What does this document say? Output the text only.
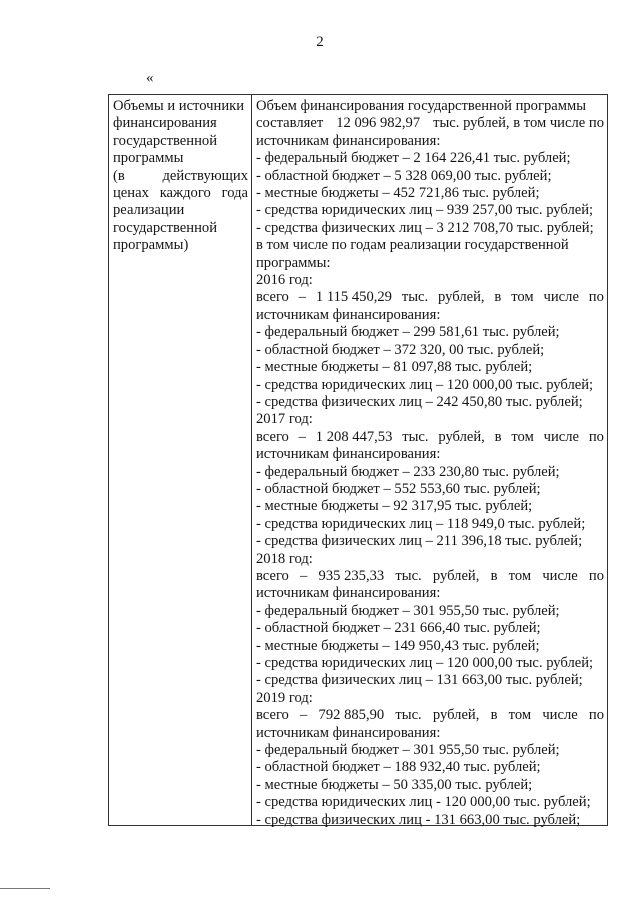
2
«
Объемы и источники
финансирования
государственной
программы
(в	действующих
ценах каждого года
реализации
государственной
программы)
Объем финансирования государственной программы
составляет 12 096 982,97 тыс. рублей, в том числе по
источникам финансирования:
- федеральный бюджет – 2 164 226,41 тыс. рублей;
- областной бюджет – 5 328 069,00 тыс. рублей;
- местные бюджеты – 452 721,86 тыс. рублей;
- средства юридических лиц – 939 257,00 тыс. рублей;
- средства физических лиц – 3 212 708,70 тыс. рублей;
в том числе по годам реализации государственной
программы:
2016 год:
всего – 1 115 450,29 тыс. рублей, в том числе по
источникам финансирования:
- федеральный бюджет – 299 581,61 тыс. рублей;
- областной бюджет – 372 320, 00 тыс. рублей;
- местные бюджеты – 81 097,88 тыс. рублей;
- средства юридических лиц – 120 000,00 тыс. рублей;
- средства физических лиц – 242 450,80 тыс. рублей;
2017 год:
всего – 1 208 447,53 тыс. рублей, в том числе по
источникам финансирования:
- федеральный бюджет – 233 230,80 тыс. рублей;
- областной бюджет – 552 553,60 тыс. рублей;
- местные бюджеты – 92 317,95 тыс. рублей;
- средства юридических лиц – 118 949,0 тыс. рублей;
- средства физических лиц – 211 396,18 тыс. рублей;
2018 год:
всего – 935 235,33 тыс. рублей, в том числе по
источникам финансирования:
- федеральный бюджет – 301 955,50 тыс. рублей;
- областной бюджет – 231 666,40 тыс. рублей;
- местные бюджеты – 149 950,43 тыс. рублей;
- средства юридических лиц – 120 000,00 тыс. рублей;
- средства физических лиц – 131 663,00 тыс. рублей;
2019 год:
всего – 792 885,90 тыс. рублей, в том числе по
источникам финансирования:
- федеральный бюджет – 301 955,50 тыс. рублей;
- областной бюджет – 188 932,40 тыс. рублей;
- местные бюджеты – 50 335,00 тыс. рублей;
- средства юридических лиц - 120 000,00 тыс. рублей;
- средства физических лиц - 131 663,00 тыс. рублей;
